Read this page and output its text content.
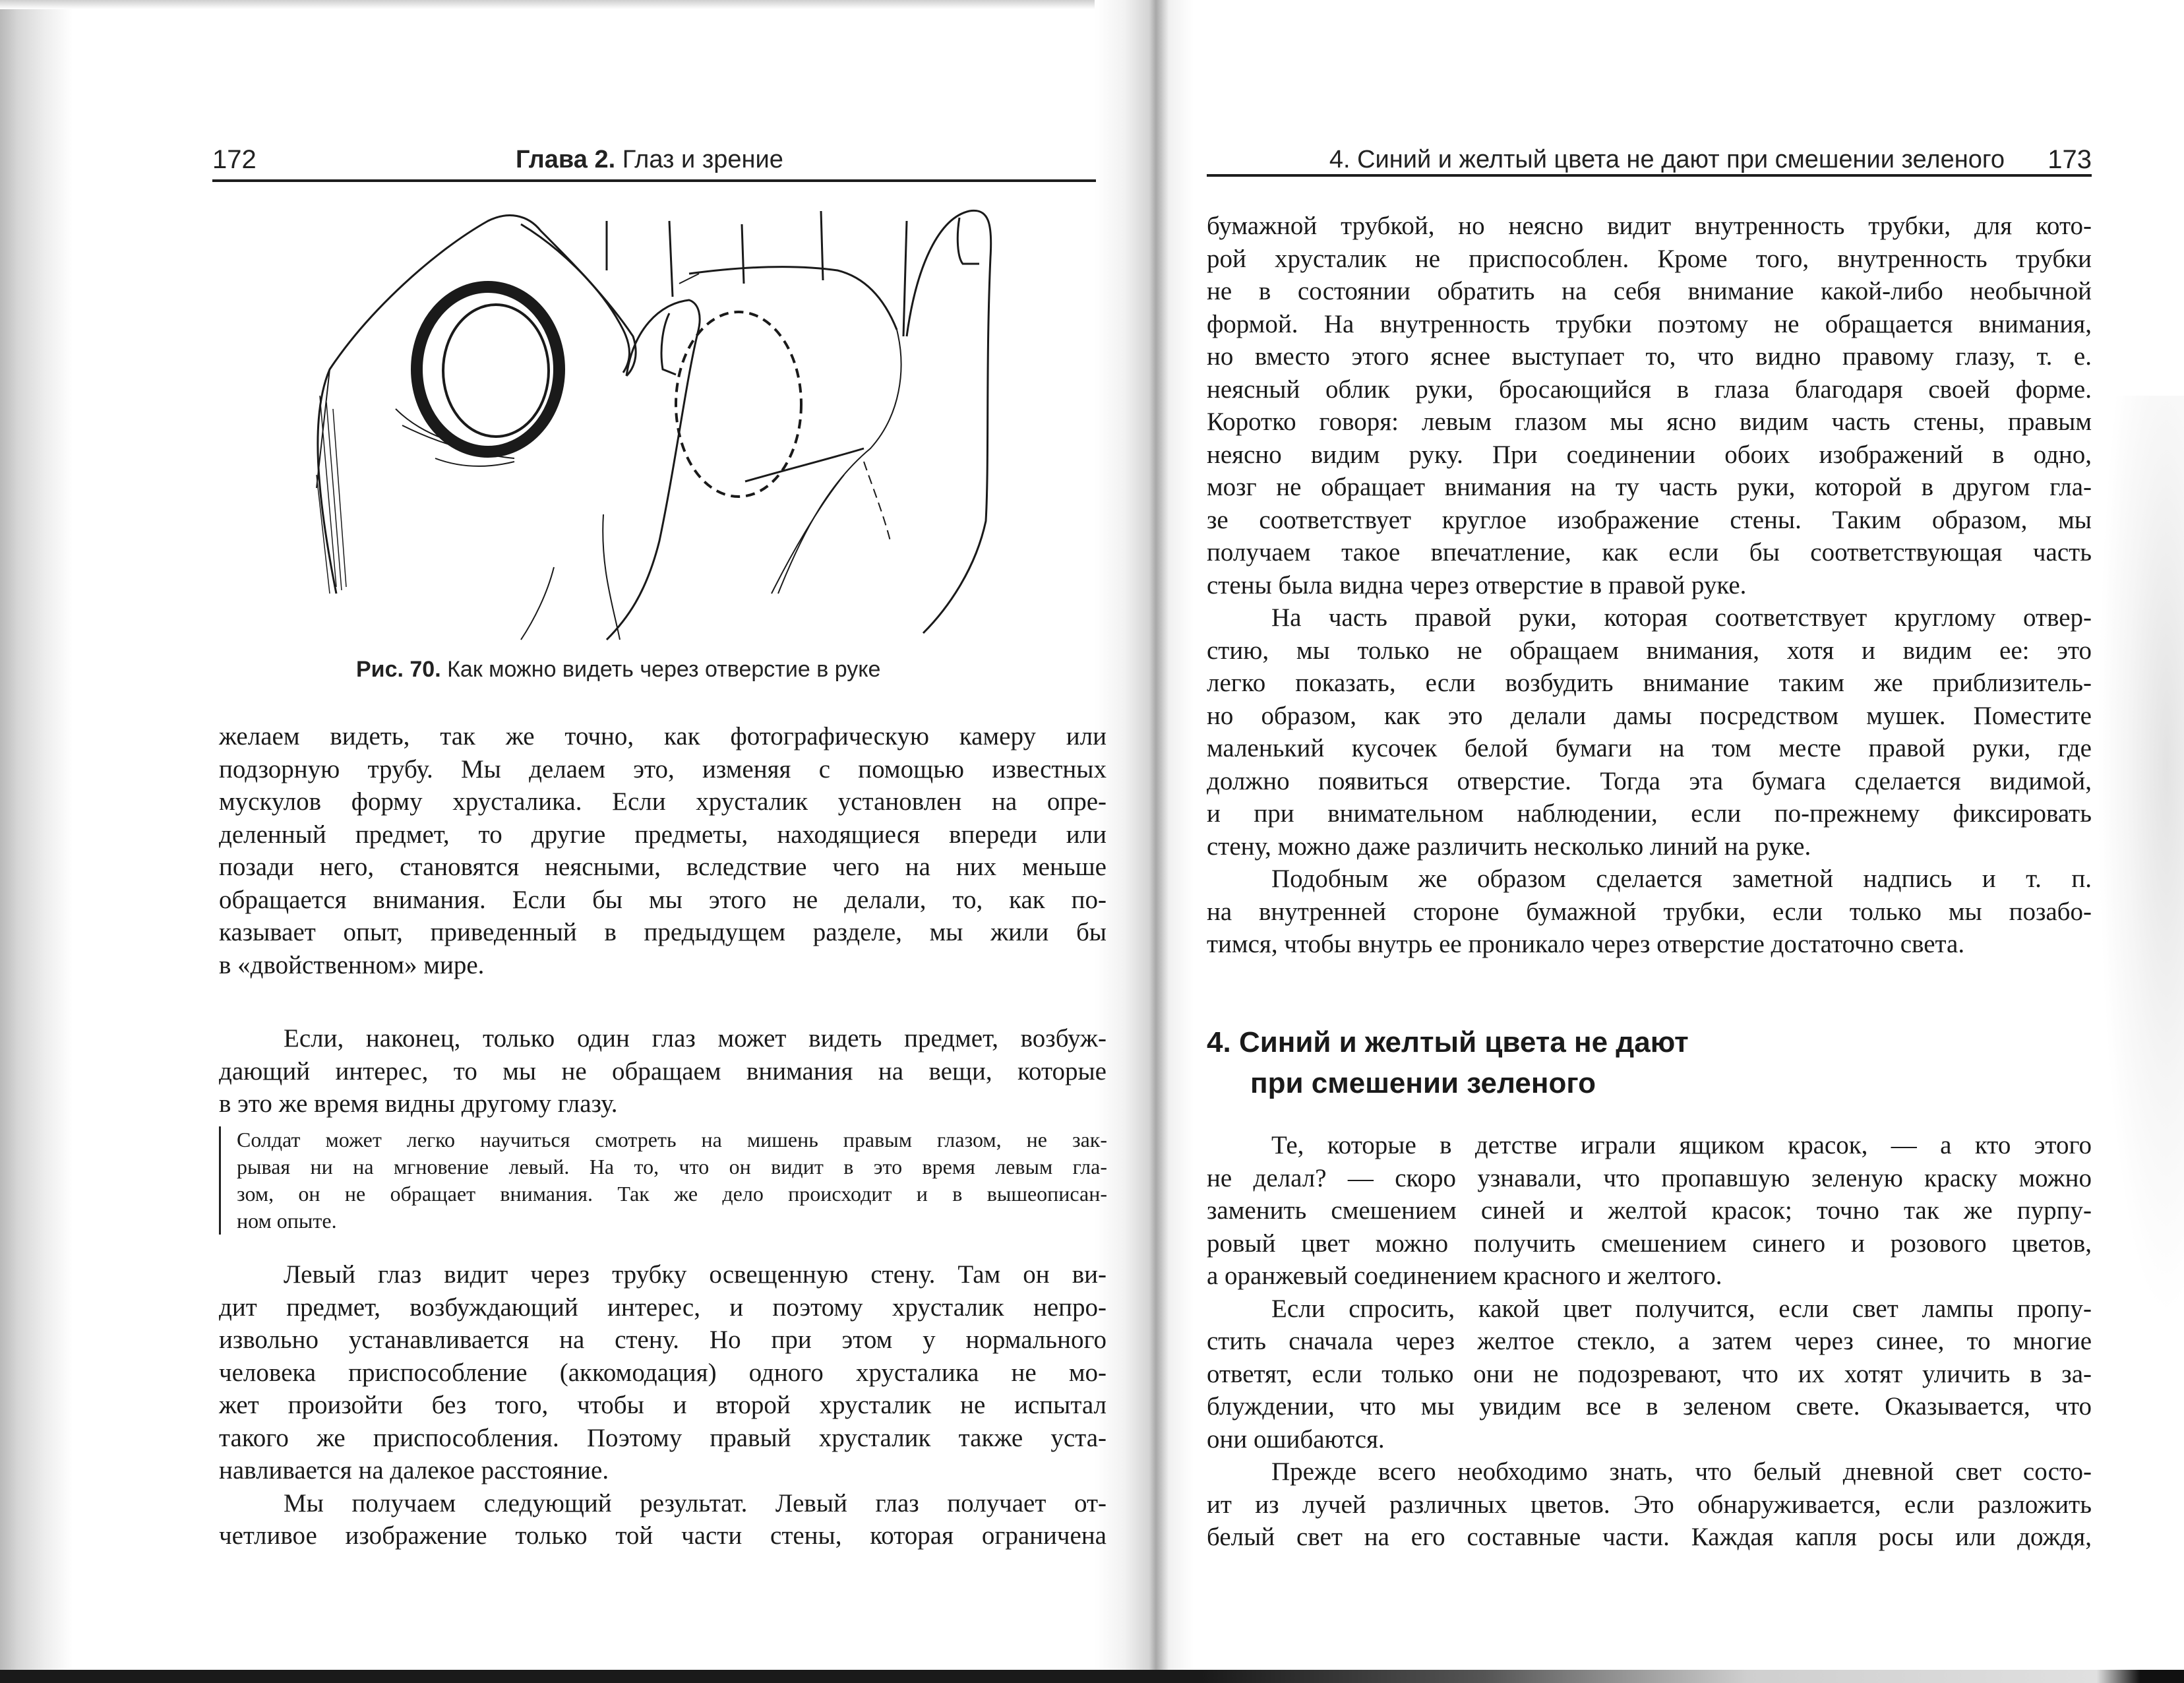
172	Глава 2. Глаз и зрение
Рис. 70. Как можно видеть через отверстие в руке
желаем видеть, так же точно, как фотографическую камеру или
подзорную трубу. Мы делаем это, изменяя с помощью известных
мускулов форму хрусталика. Если хрусталик установлен на опре-
деленный предмет, то другие предметы, находящиеся впереди или
позади него, становятся неясными, вследствие чего на них меньше
обращается внимания. Если бы мы этого не делали, то, как по-
казывает опыт, приведенный в предыдущем разделе, мы жили бы
в «двойственном» мире.
Если, наконец, только один глаз может видеть предмет, возбуж-
дающий интерес, то мы не обращаем внимания на вещи, которые
в это же время видны другому глазу.
Солдат может легко научиться смотреть на мишень правым глазом, не зак-
рывая ни на мгновение левый. На то, что он видит в это время левым гла-
зом, он не обращает внимания. Так же дело происходит и в вышеописан-
ном опыте.
Левый глаз видит через трубку освещенную стену. Там он ви-
дит предмет, возбуждающий интерес, и поэтому хрусталик непро-
извольно устанавливается на стену. Но при этом у нормального
человека приспособление (аккомодация) одного хрусталика не мо-
жет произойти без того, чтобы и второй хрусталик не испытал
такого же приспособления. Поэтому правый хрусталик также уста-
навливается на далекое расстояние.
Мы получаем следующий результат. Левый глаз получает от-
четливое изображение только той части стены, которая ограничена
4. Синий и желтый цвета не дают при смешении зеленого 173
бумажной трубкой, но неясно видит внутренность трубки, для кото-
рой хрусталик не приспособлен. Кроме того, внутренность трубки
не в состоянии обратить на себя внимание какой-либо необычной
формой. На внутренность трубки поэтому не обращается внимания,
но вместо этого яснее выступает то, что видно правому глазу, т. е.
неясный облик руки, бросающийся в глаза благодаря своей форме.
Коротко говоря: левым глазом мы ясно видим часть стены, правым
неясно видим руку. При соединении обоих изображений в одно,
мозг не обращает внимания на ту часть руки, которой в другом гла-
зе соответствует круглое изображение стены. Таким образом, мы
получаем такое впечатление, как если бы соответствующая часть
стены была видна через отверстие в правой руке.
На часть правой руки, которая соответствует круглому отвер-
стию, мы только не обращаем внимания, хотя и видим ее: это
легко показать, если возбудить внимание таким же приблизитель-
но образом, как это делали дамы посредством мушек. Поместите
маленький кусочек белой бумаги на том месте правой руки, где
должно появиться отверстие. Тогда эта бумага сделается видимой,
и при внимательном наблюдении, если по-прежнему фиксировать
стену, можно даже различить несколько линий на руке.
Подобным же образом сделается заметной надпись и т. п.
на внутренней стороне бумажной трубки, если только мы позабо-
тимся, чтобы внутрь ее проникало через отверстие достаточно света.
4. Синий и желтый цвета не дают
при смешении зеленого
Те, которые в детстве играли ящиком красок, — а кто этого
не делал? — скоро узнавали, что пропавшую зеленую краску можно
заменить смешением синей и желтой красок; точно так же пурпу-
ровый цвет можно получить смешением синего и розового цветов,
а оранжевый соединением красного и желтого.
Если спросить, какой цвет получится, если свет лампы пропу-
стить сначала через желтое стекло, а затем через синее, то многие
ответят, если только они не подозревают, что их хотят уличить в за-
блуждении, что мы увидим все в зеленом свете. Оказывается, что
они ошибаются.
Прежде всего необходимо знать, что белый дневной свет состо-
ит из лучей различных цветов. Это обнаруживается, если разложить
белый свет на его составные части. Каждая капля росы или дождя,
